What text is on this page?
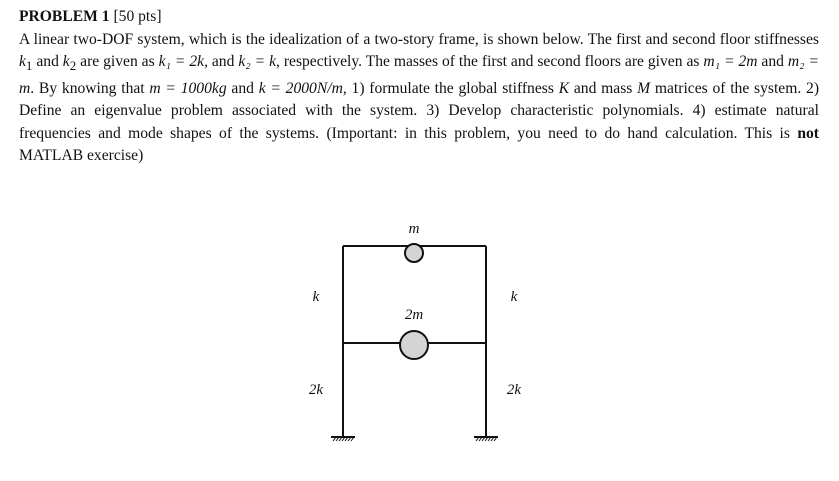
PROBLEM 1 [50 pts]
A linear two-DOF system, which is the idealization of a two-story frame, is shown below. The first and second floor stiffnesses $k_1$ and $k_2$ are given as k₁ = 2k, and k₂ = k, respectively. The masses of the first and second floors are given as m₁ = 2m and m₂ = m. By knowing that m = 1000kg and k = 2000N/m, 1) formulate the global stiffness K and mass M matrices of the system. 2) Define an eigenvalue problem associated with the system. 3) Develop characteristic polynomials. 4) estimate natural frequencies and mode shapes of the systems. (Important: in this problem, you need to do hand calculation. This is not MATLAB exercise)

m
2m
k	k
2k	2k
